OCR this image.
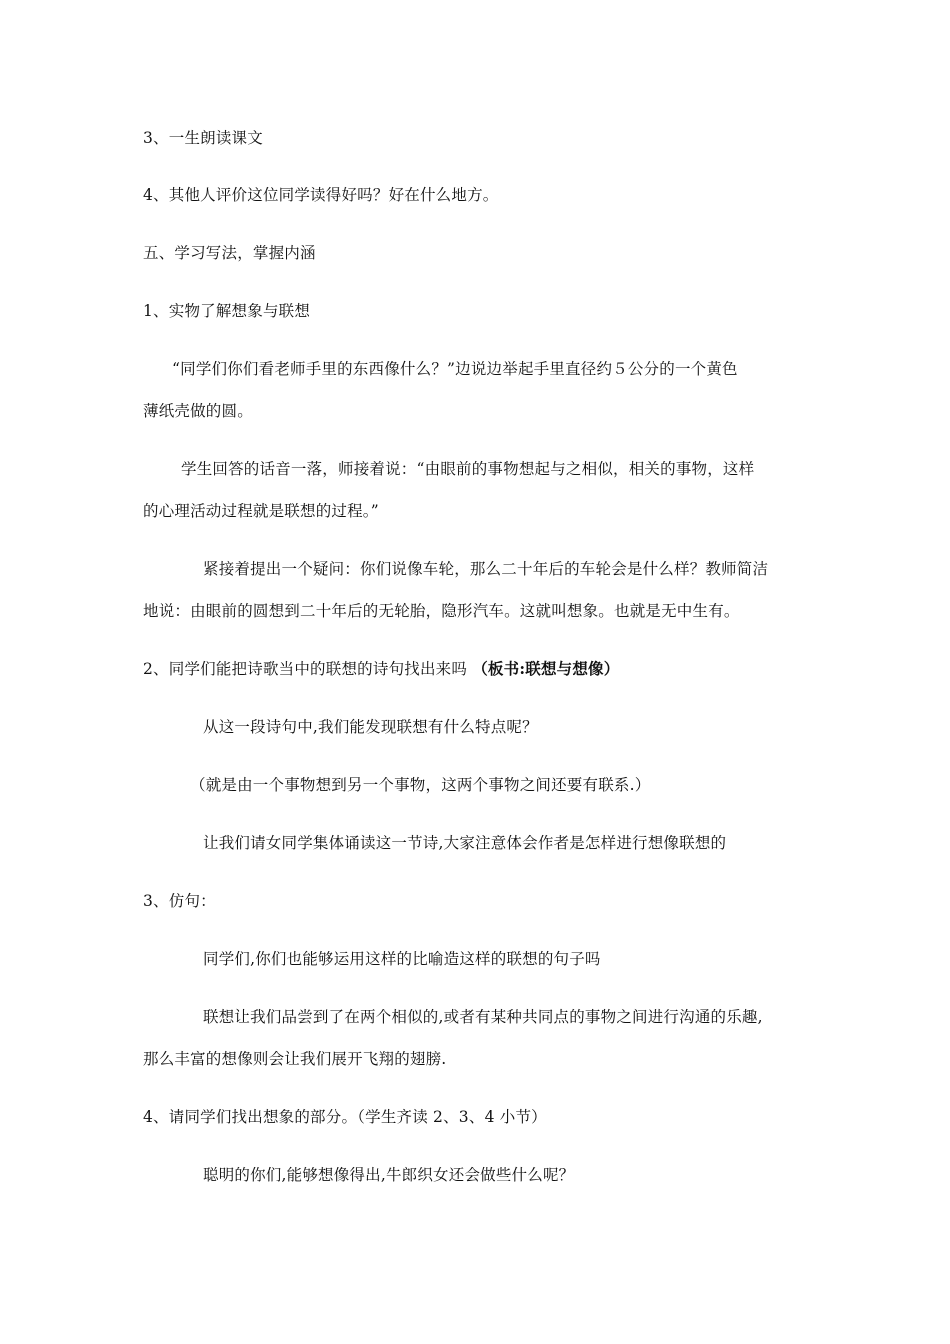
3、一生朗读课文
4、其他人评价这位同学读得好吗？好在什么地方。
五、学习写法，掌握内涵
1、实物了解想象与联想
“同学们你们看老师手里的东西像什么？”边说边举起手里直径约５公分的一个黄色
薄纸壳做的圆。
学生回答的话音一落，师接着说：“由眼前的事物想起与之相似，相关的事物，这样
的心理活动过程就是联想的过程。”
紧接着提出一个疑问：你们说像车轮，那么二十年后的车轮会是什么样？教师简洁
地说：由眼前的圆想到二十年后的无轮胎，隐形汽车。这就叫想象。也就是无中生有。
2、同学们能把诗歌当中的联想的诗句找出来吗 （板书:联想与想像）
从这一段诗句中,我们能发现联想有什么特点呢？
（就是由一个事物想到另一个事物，这两个事物之间还要有联系.）
让我们请女同学集体诵读这一节诗,大家注意体会作者是怎样进行想像联想的
3、仿句：
同学们,你们也能够运用这样的比喻造这样的联想的句子吗
联想让我们品尝到了在两个相似的,或者有某种共同点的事物之间进行沟通的乐趣,
那么丰富的想像则会让我们展开飞翔的翅膀.
4、请同学们找出想象的部分。（学生齐读 2、3、4 小节）
聪明的你们,能够想像得出,牛郎织女还会做些什么呢？
